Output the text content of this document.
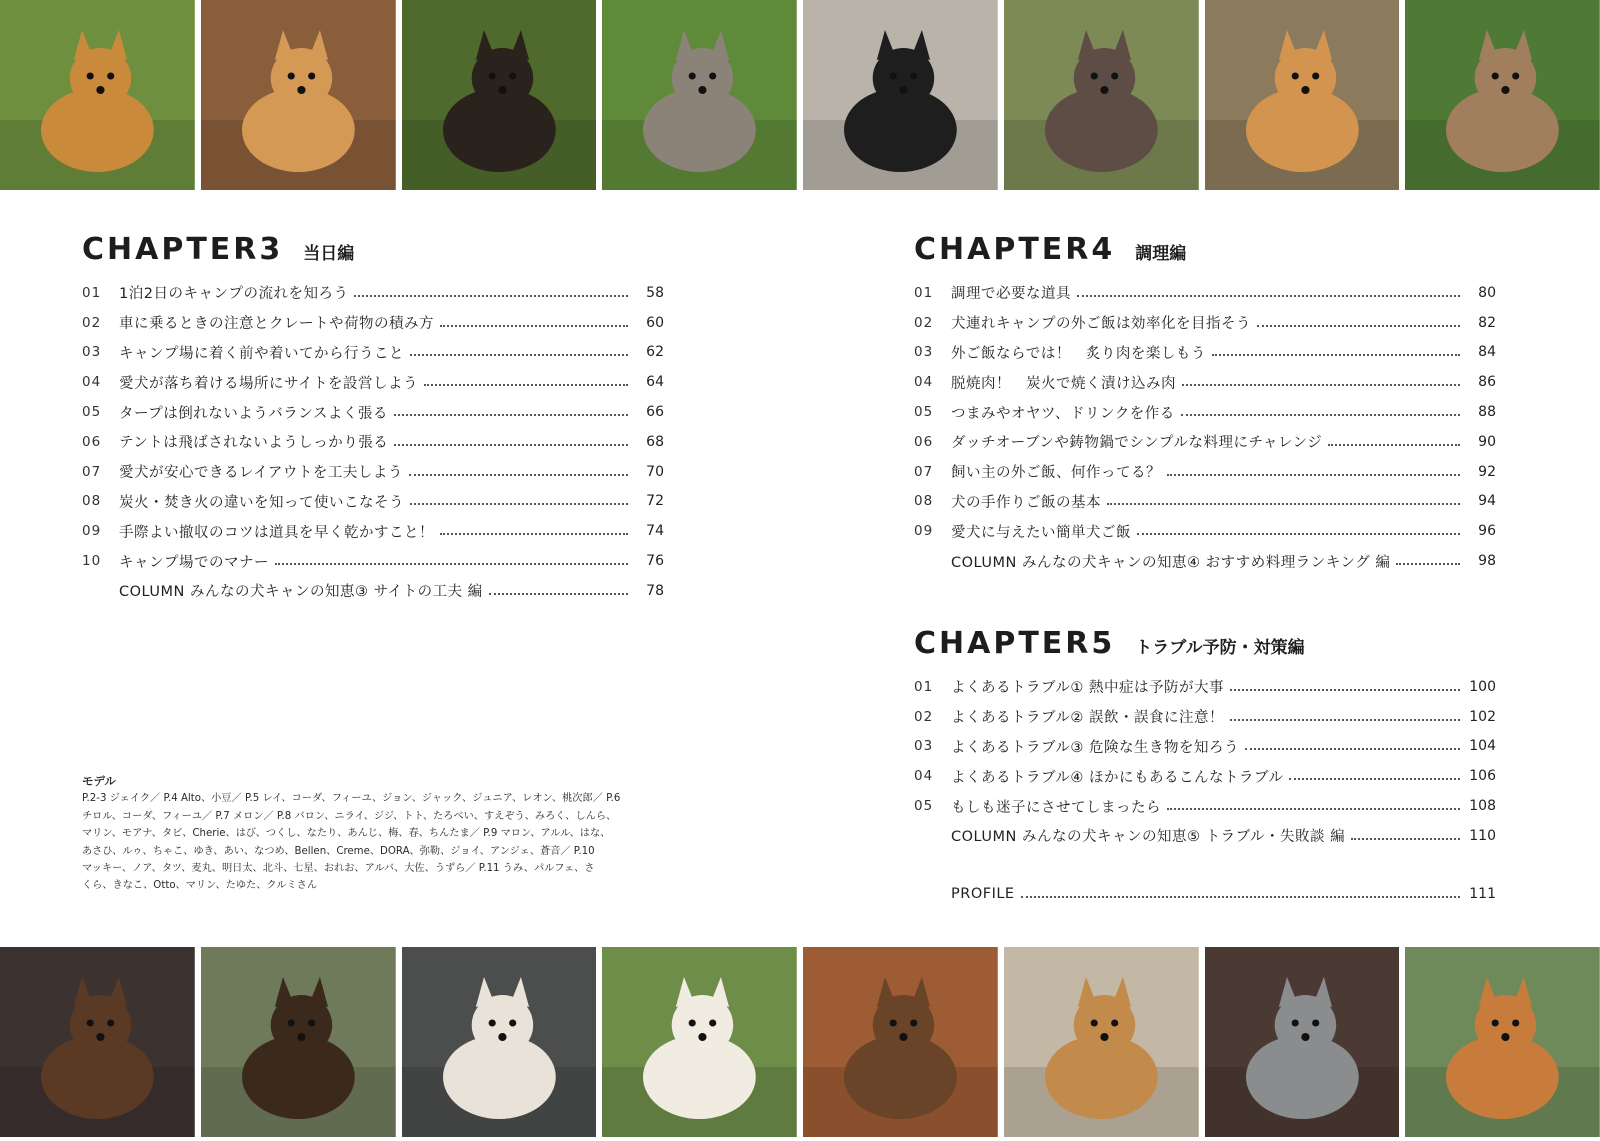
CHAPTER3 当日編
01	1泊2日のキャンプの流れを知ろう	58
02	車に乗るときの注意とクレートや荷物の積み方	60
03	キャンプ場に着く前や着いてから行うこと	62
04	愛犬が落ち着ける場所にサイトを設営しよう	64
05	タープは倒れないようバランスよく張る	66
06	テントは飛ばされないようしっかり張る	68
07	愛犬が安心できるレイアウトを工夫しよう	70
08	炭火・焚き火の違いを知って使いこなそう	72
09	手際よい撤収のコツは道具を早く乾かすこと！	74
10	キャンプ場でのマナー	76
COLUMN みんなの犬キャンの知恵③ サイトの工夫 編	78
CHAPTER4 調理編
01	調理で必要な道具	80
02	犬連れキャンプの外ご飯は効率化を目指そう	82
03	外ご飯ならでは！　炙り肉を楽しもう	84
04	脱焼肉！　炭火で焼く漬け込み肉	86
05	つまみやオヤツ、ドリンクを作る	88
06	ダッチオーブンや鋳物鍋でシンプルな料理にチャレンジ	90
07	飼い主の外ご飯、何作ってる？	92
08	犬の手作りご飯の基本	94
09	愛犬に与えたい簡単犬ご飯	96
COLUMN みんなの犬キャンの知恵④ おすすめ料理ランキング 編	98
CHAPTER5 トラブル予防・対策編
01	よくあるトラブル① 熱中症は予防が大事	100
02	よくあるトラブル② 誤飲・誤食に注意！	102
03	よくあるトラブル③ 危険な生き物を知ろう	104
04	よくあるトラブル④ ほかにもあるこんなトラブル	106
05	もしも迷子にさせてしまったら	108
COLUMN みんなの犬キャンの知恵⑤ トラブル・失敗談 編	110
PROFILE	111
モデル
P.2-3 ジェイク／ P.4 Alto、小豆／ P.5 レイ、コーダ、フィーユ、ジョン、ジャック、ジュニア、レオン、桃次郎／ P.6
チロル、コーダ、フィーユ／ P.7 メロン／ P.8 バロン、ニライ、ジジ、トト、たろべい、すえぞう、みろく、しんら、
マリン、モアナ、タビ、Cherie、はび、つくし、なたり、あんじ、梅、春、ちんたま／ P.9 マロン、アルル、はな、
あさひ、ルゥ、ちゃこ、ゆき、あい、なつめ、Bellen、Creme、DORA、弥勒、ジョイ、アンジェ、蒼音／ P.10
マッキー、ノア、タツ、麦丸、明日太、北斗、七星、おれお、アルバ、大佐、うずら／ P.11 うみ、パルフェ、さ
くら、きなこ、Otto、マリン、たゆた、クルミさん
